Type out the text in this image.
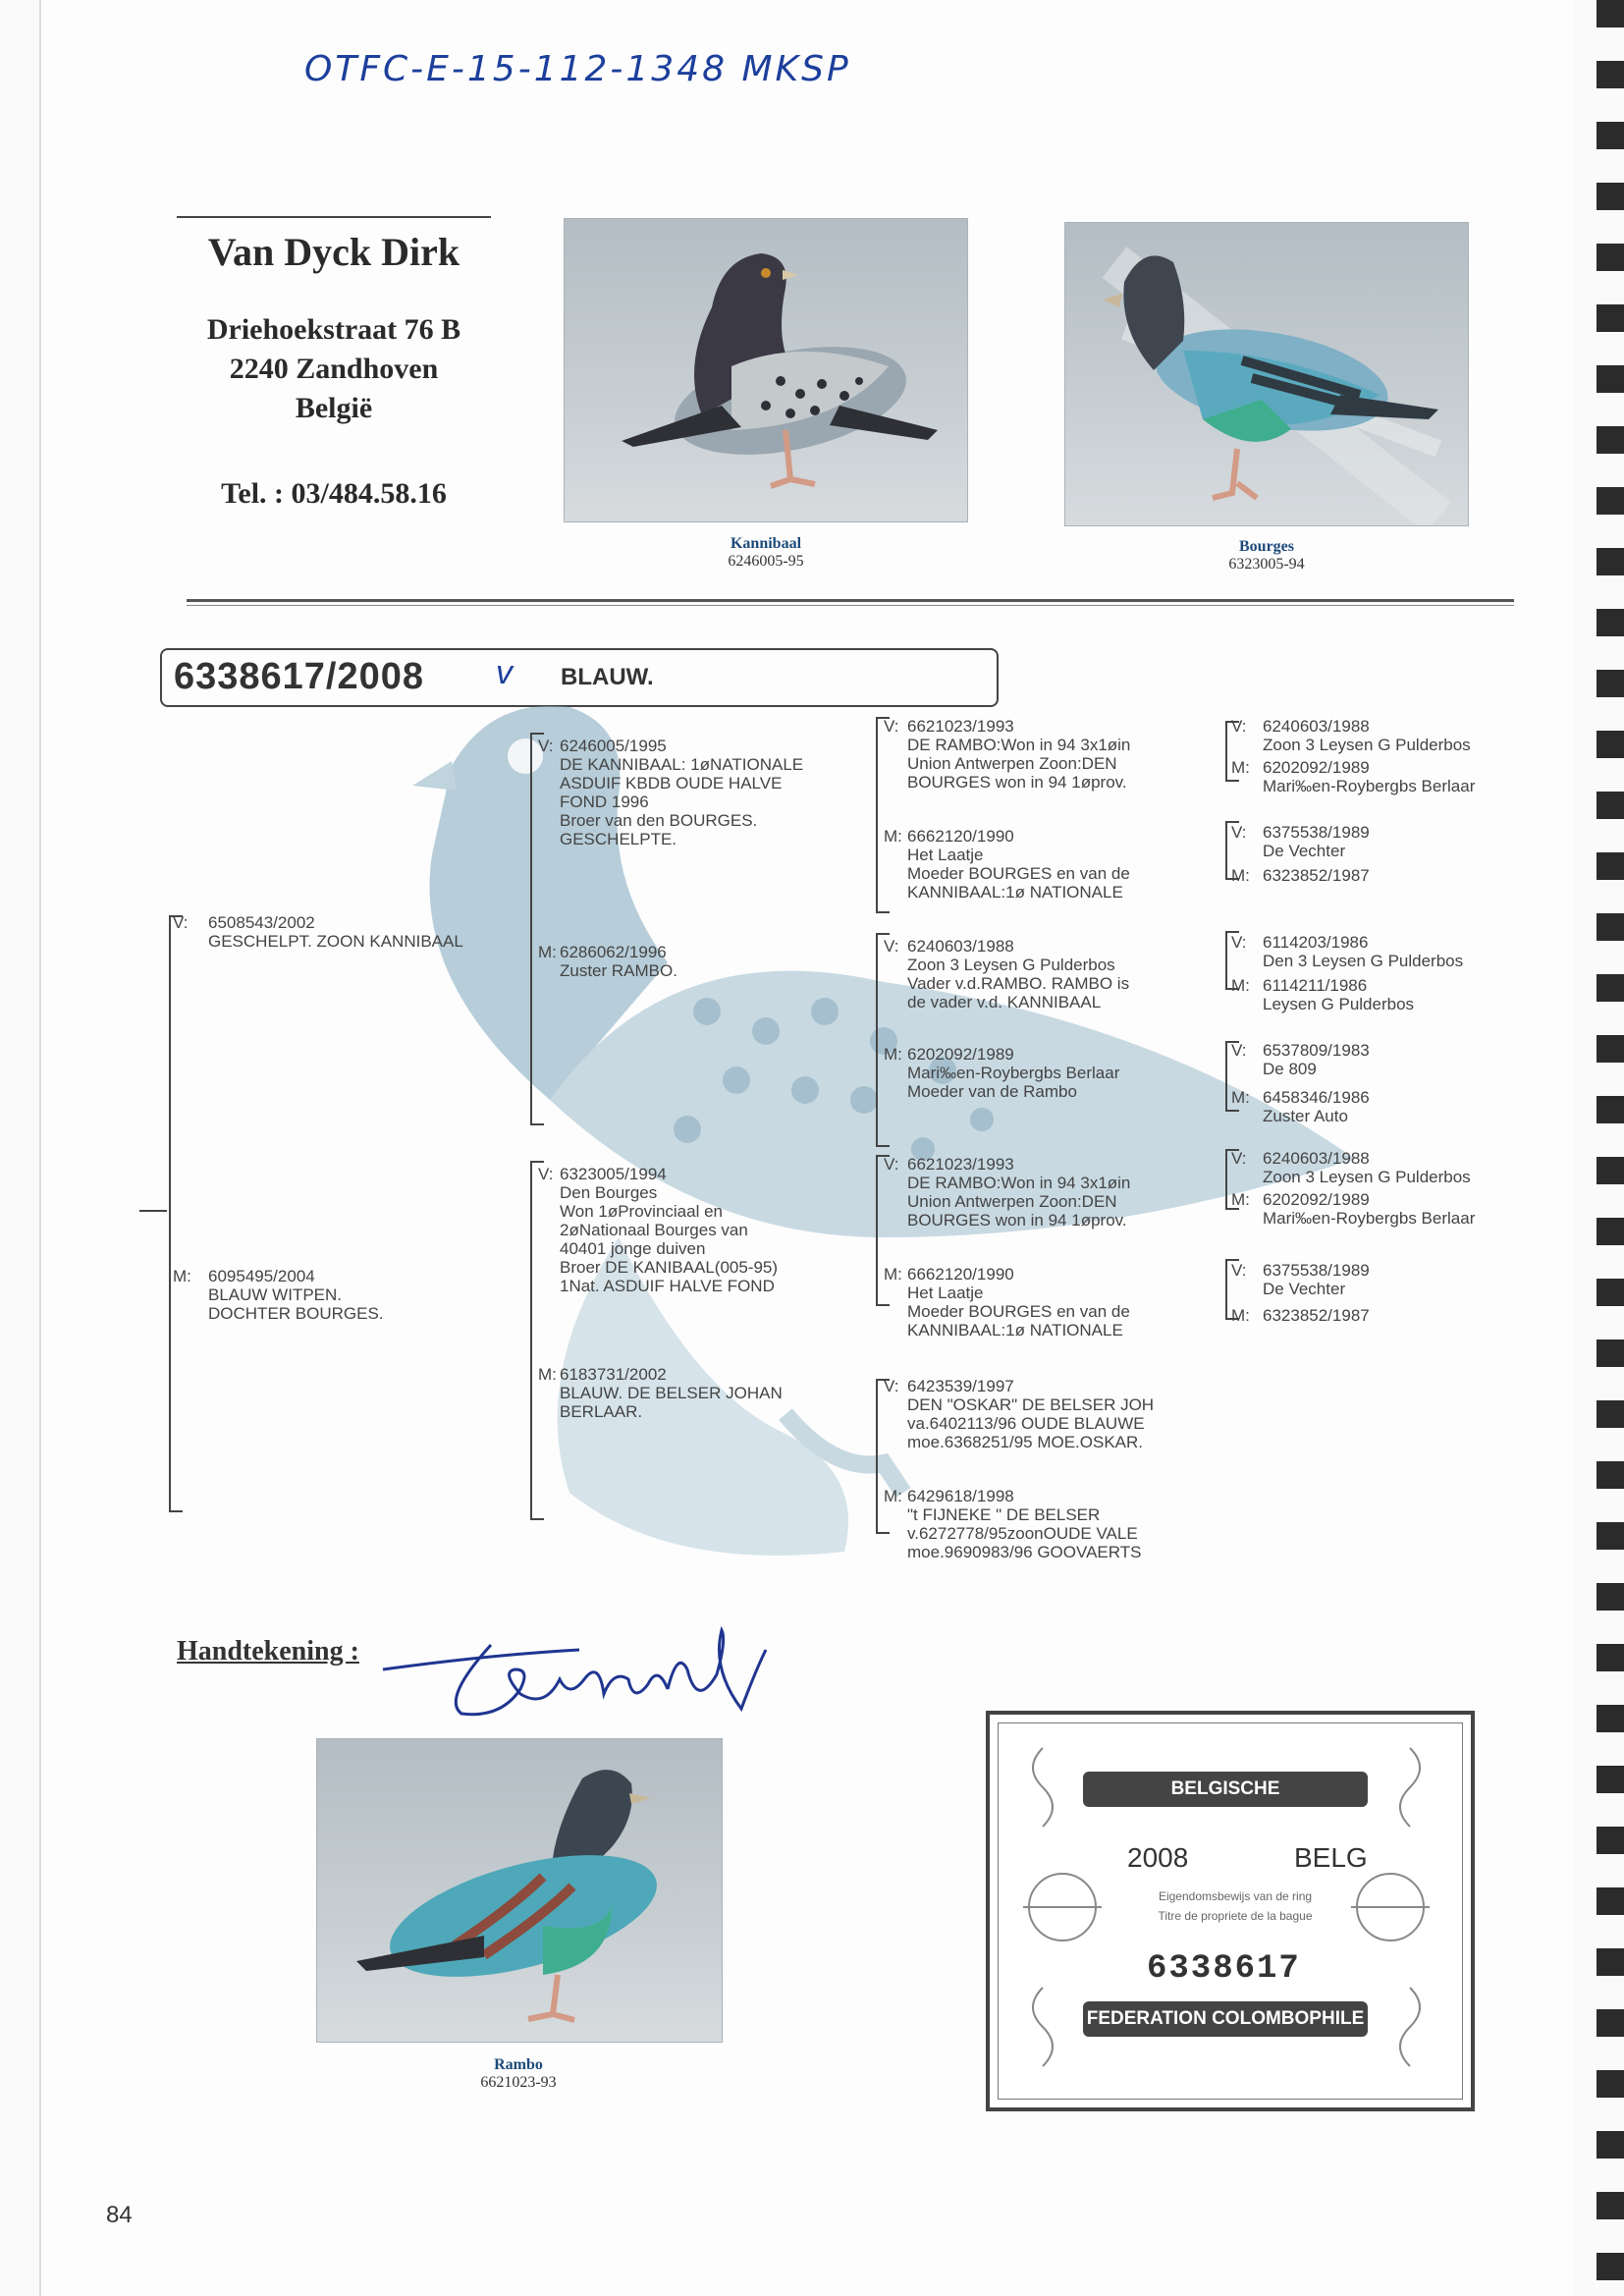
OTFC-E-15-112-1348 MKSP
Van Dyck Dirk
Driehoekstraat 76 B
2240 Zandhoven
België
Tel. : 03/484.58.16
Kannibaal
6246005-95
Bourges
6323005-94
6338617/2008 v BLAUW.
V: 6508543/2002
GESCHELPT. ZOON KANNIBAAL
M: 6095495/2004
BLAUW WITPEN.
DOCHTER BOURGES.
V: 6246005/1995
DE KANNIBAAL: 1øNATIONALE
ASDUIF KBDB OUDE HALVE
FOND 1996
Broer van den BOURGES.
GESCHELPTE.
M: 6286062/1996
Zuster RAMBO.
V: 6323005/1994
Den Bourges
Won 1øProvinciaal en
2øNationaal Bourges van
40401 jonge duiven
Broer DE KANIBAAL(005-95)
1Nat. ASDUIF HALVE FOND
M: 6183731/2002
BLAUW. DE BELSER JOHAN
BERLAAR.
V: 6621023/1993
DE RAMBO:Won in 94 3x1øin
Union Antwerpen Zoon:DEN
BOURGES won in 94 1øprov.
M: 6662120/1990
Het Laatje
Moeder BOURGES en van de
KANNIBAAL:1ø NATIONALE
V: 6240603/1988
Zoon 3 Leysen G Pulderbos
Vader v.d.RAMBO. RAMBO is
de vader v.d. KANNIBAAL
M: 6202092/1989
Mari‰en-Roybergbs Berlaar
Moeder van de Rambo
V: 6621023/1993
DE RAMBO:Won in 94 3x1øin
Union Antwerpen Zoon:DEN
BOURGES won in 94 1øprov.
M: 6662120/1990
Het Laatje
Moeder BOURGES en van de
KANNIBAAL:1ø NATIONALE
V: 6423539/1997
DEN "OSKAR" DE BELSER JOH
va.6402113/96 OUDE BLAUWE
moe.6368251/95 MOE.OSKAR.
M: 6429618/1998
"t FIJNEKE " DE BELSER
v.6272778/95zoonOUDE VALE
moe.9690983/96 GOOVAERTS
V: 6240603/1988
Zoon 3 Leysen G Pulderbos
M: 6202092/1989
Mari‰en-Roybergbs Berlaar
V: 6375538/1989
De Vechter
M: 6323852/1987
V: 6114203/1986
Den 3 Leysen G Pulderbos
M: 6114211/1986
Leysen G Pulderbos
V: 6537809/1983
De 809
M: 6458346/1986
Zuster Auto
V: 6240603/1988
Zoon 3 Leysen G Pulderbos
M: 6202092/1989
Mari‰en-Roybergbs Berlaar
V: 6375538/1989
De Vechter
M: 6323852/1987
Handtekening :
Rambo
6621023-93
BELGISCHE DUIVENLIEFHEBBERSBOND
2008	BELG
Eigendomsbewijs van de ring
Titre de propriete de la bague
6338617
FEDERATION COLOMBOPHILE BELGE
84
